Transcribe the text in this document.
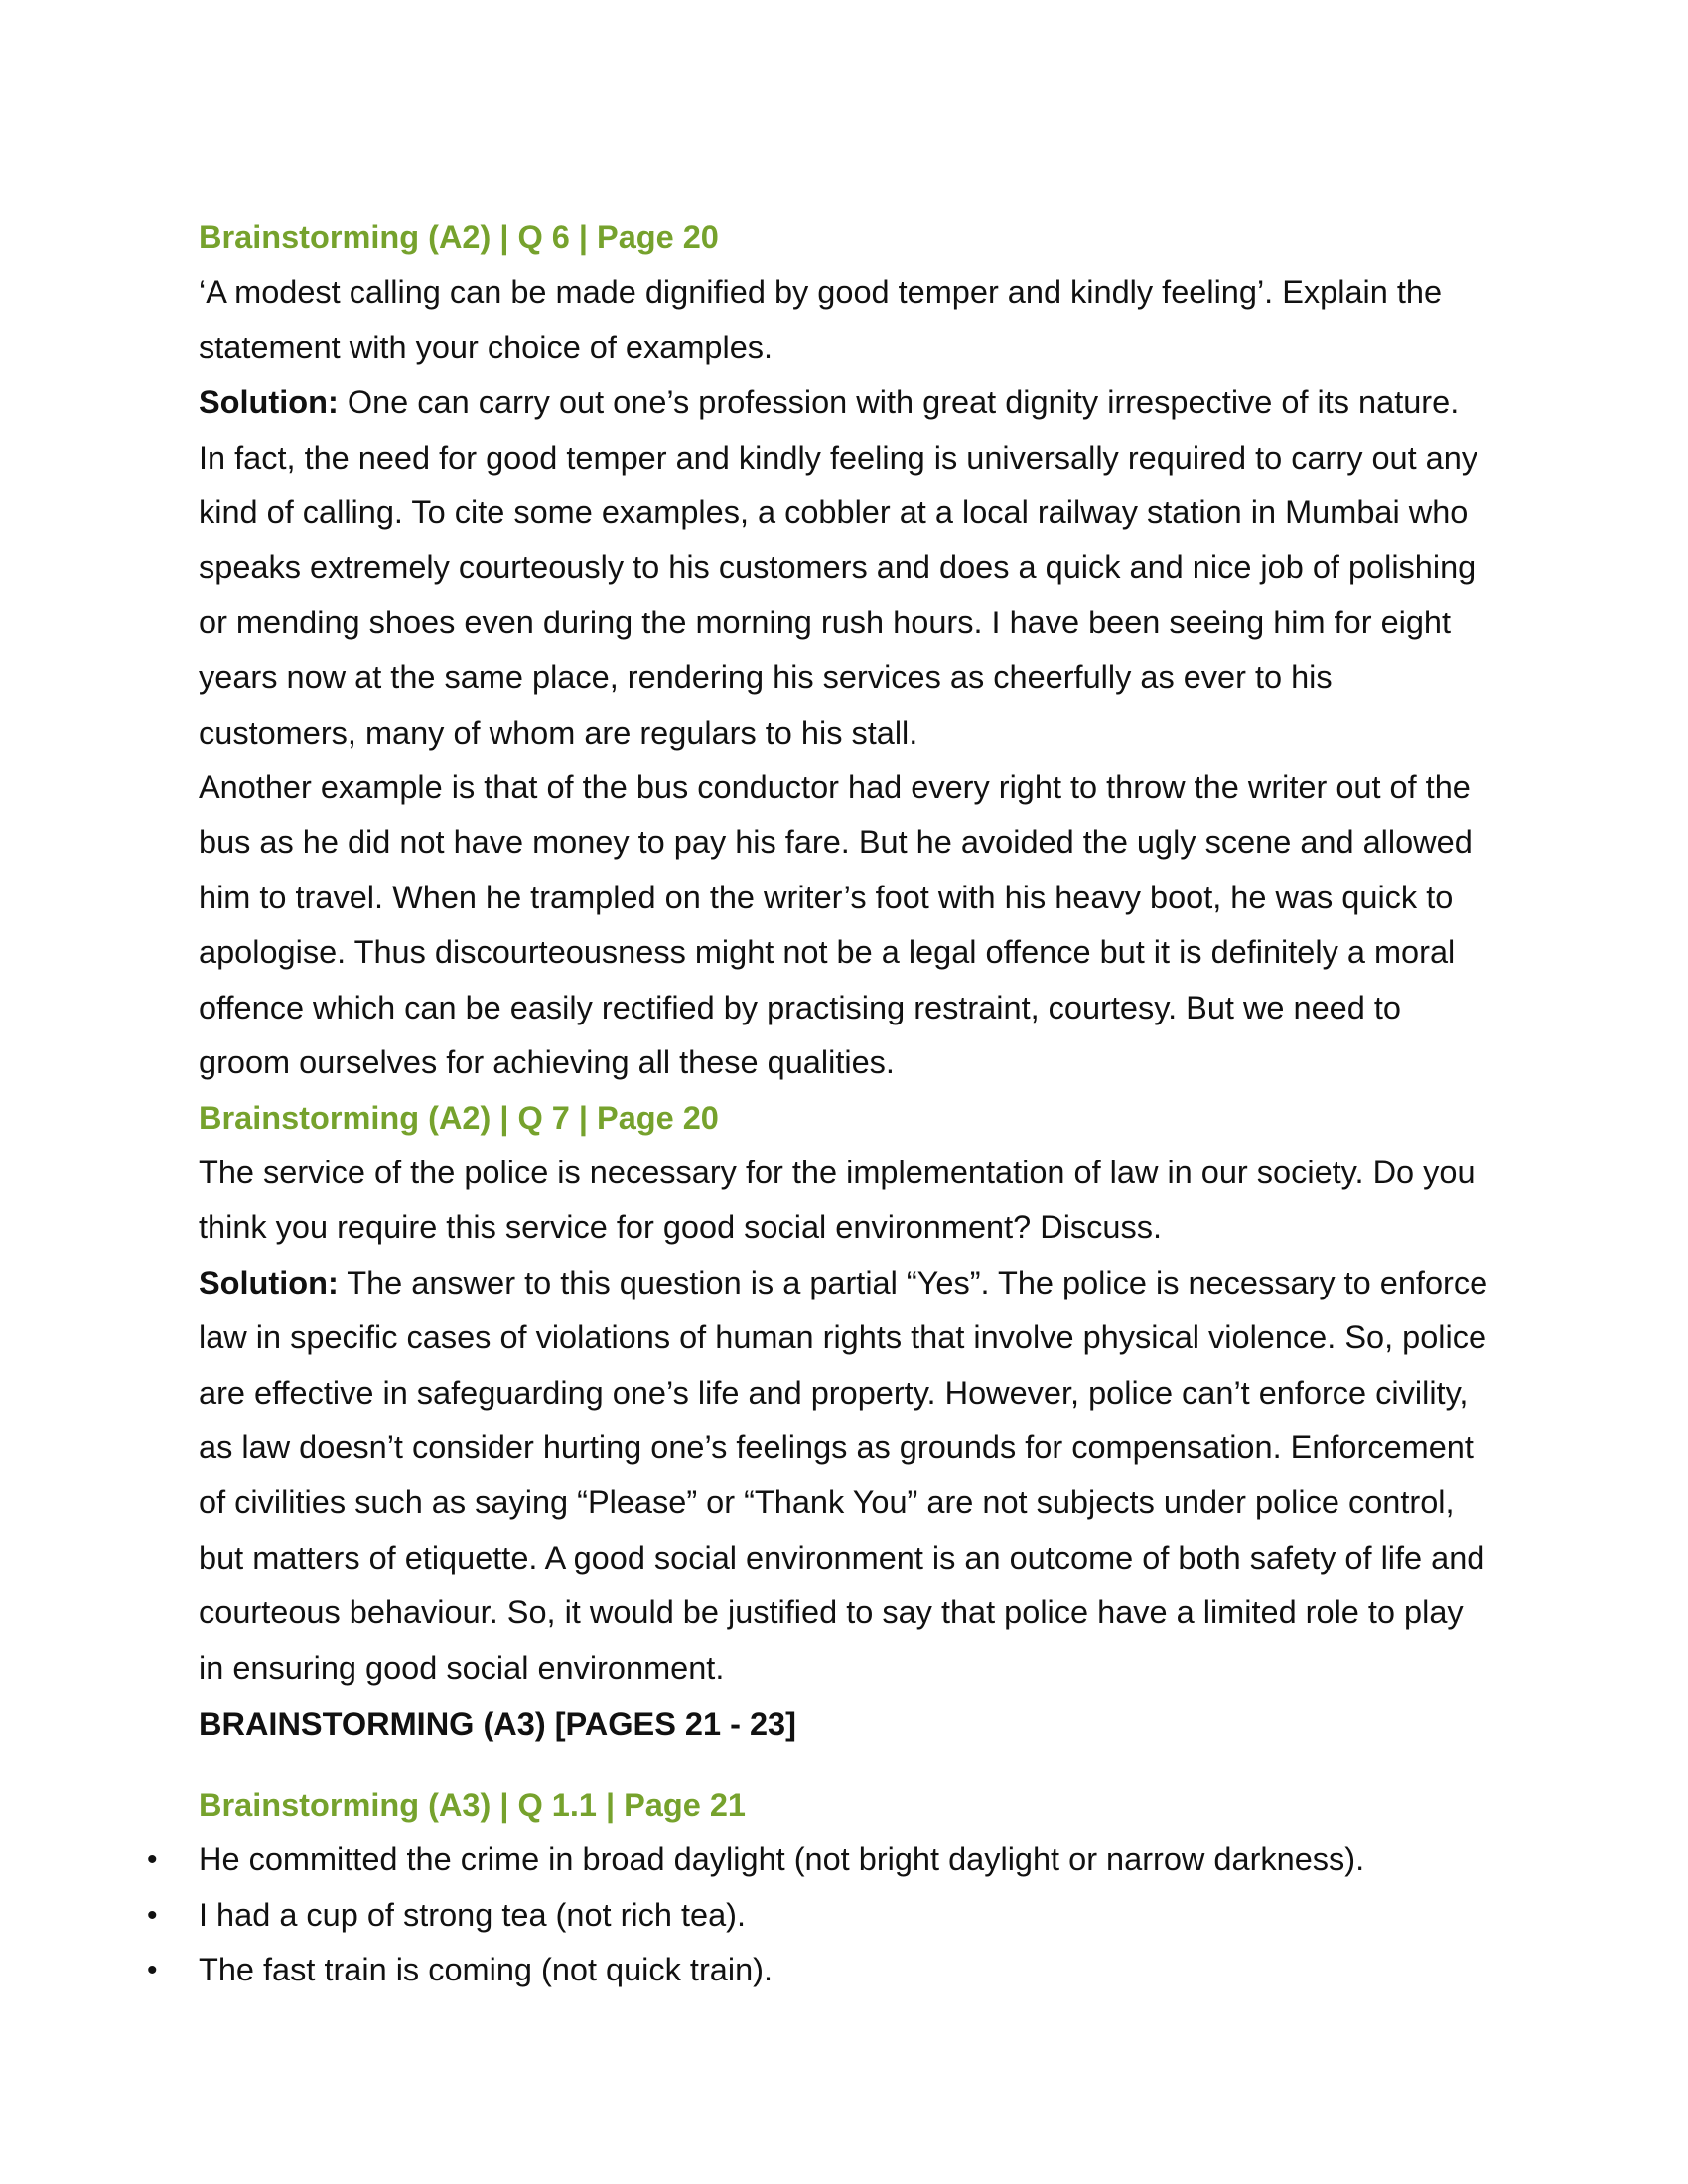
Brainstorming (A2) | Q 6 | Page 20

‘A modest calling can be made dignified by good temper and kindly feeling’. Explain the statement with your choice of examples.

Solution: One can carry out one’s profession with great dignity irrespective of its nature. In fact, the need for good temper and kindly feeling is universally required to carry out any kind of calling. To cite some examples, a cobbler at a local railway station in Mumbai who speaks extremely courteously to his customers and does a quick and nice job of polishing or mending shoes even during the morning rush hours. I have been seeing him for eight years now at the same place, rendering his services as cheerfully as ever to his customers, many of whom are regulars to his stall.

Another example is that of the bus conductor had every right to throw the writer out of the bus as he did not have money to pay his fare. But he avoided the ugly scene and allowed him to travel. When he trampled on the writer’s foot with his heavy boot, he was quick to apologise. Thus discourteousness might not be a legal offence but it is definitely a moral offence which can be easily rectified by practising restraint, courtesy. But we need to groom ourselves for achieving all these qualities.

Brainstorming (A2) | Q 7 | Page 20

The service of the police is necessary for the implementation of law in our society. Do you think you require this service for good social environment? Discuss.

Solution: The answer to this question is a partial “Yes”. The police is necessary to enforce law in specific cases of violations of human rights that involve physical violence. So, police are effective in safeguarding one’s life and property. However, police can’t enforce civility, as law doesn’t consider hurting one’s feelings as grounds for compensation. Enforcement of civilities such as saying “Please” or “Thank You” are not subjects under police control, but matters of etiquette. A good social environment is an outcome of both safety of life and courteous behaviour. So, it would be justified to say that police have a limited role to play in ensuring good social environment.

BRAINSTORMING (A3) [PAGES 21 - 23]

Brainstorming (A3) | Q 1.1 | Page 21

• He committed the crime in broad daylight (not bright daylight or narrow darkness).
• I had a cup of strong tea (not rich tea).
• The fast train is coming (not quick train).
